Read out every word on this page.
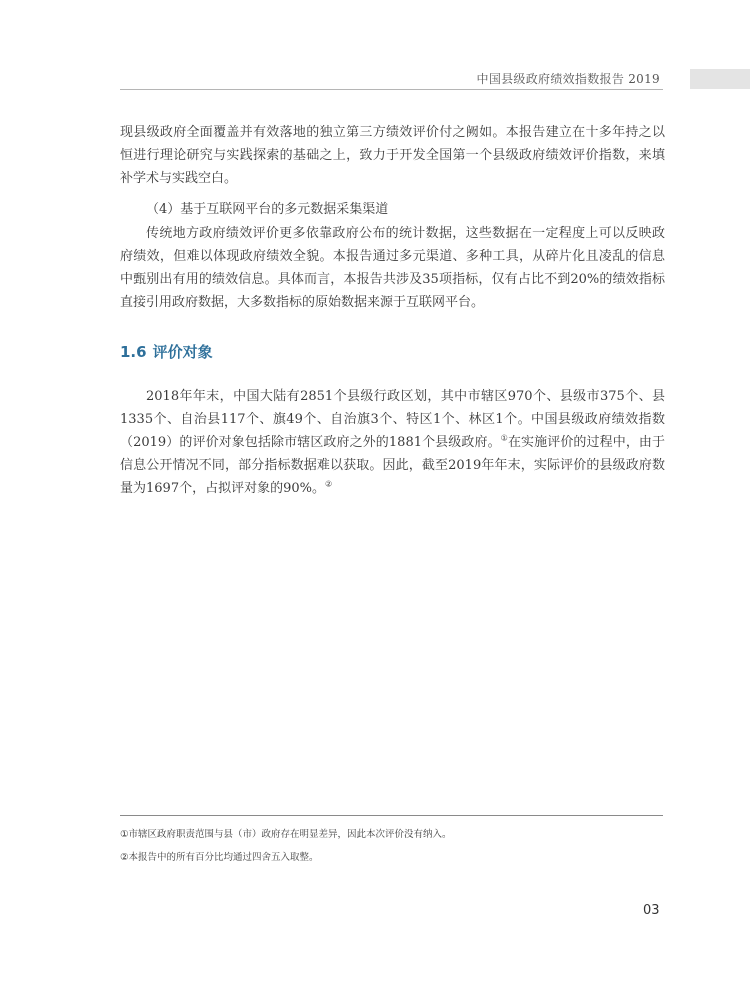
中国县级政府绩效指数报告 2019
现县级政府全面覆盖并有效落地的独立第三方绩效评价付之阙如。本报告建立在十多年持之以恒进行理论研究与实践探索的基础之上，致力于开发全国第一个县级政府绩效评价指数，来填补学术与实践空白。
（4）基于互联网平台的多元数据采集渠道
传统地方政府绩效评价更多依靠政府公布的统计数据，这些数据在一定程度上可以反映政府绩效，但难以体现政府绩效全貌。本报告通过多元渠道、多种工具，从碎片化且凌乱的信息中甄别出有用的绩效信息。具体而言，本报告共涉及35项指标，仅有占比不到20%的绩效指标直接引用政府数据，大多数指标的原始数据来源于互联网平台。
1.6 评价对象
2018年年末，中国大陆有2851个县级行政区划，其中市辖区970个、县级市375个、县1335个、自治县117个、旗49个、自治旗3个、特区1个、林区1个。中国县级政府绩效指数（2019）的评价对象包括除市辖区政府之外的1881个县级政府。①在实施评价的过程中，由于信息公开情况不同，部分指标数据难以获取。因此，截至2019年年末，实际评价的县级政府数量为1697个，占拟评对象的90%。②
①市辖区政府职责范围与县（市）政府存在明显差异，因此本次评价没有纳入。
②本报告中的所有百分比均通过四舍五入取整。
03
